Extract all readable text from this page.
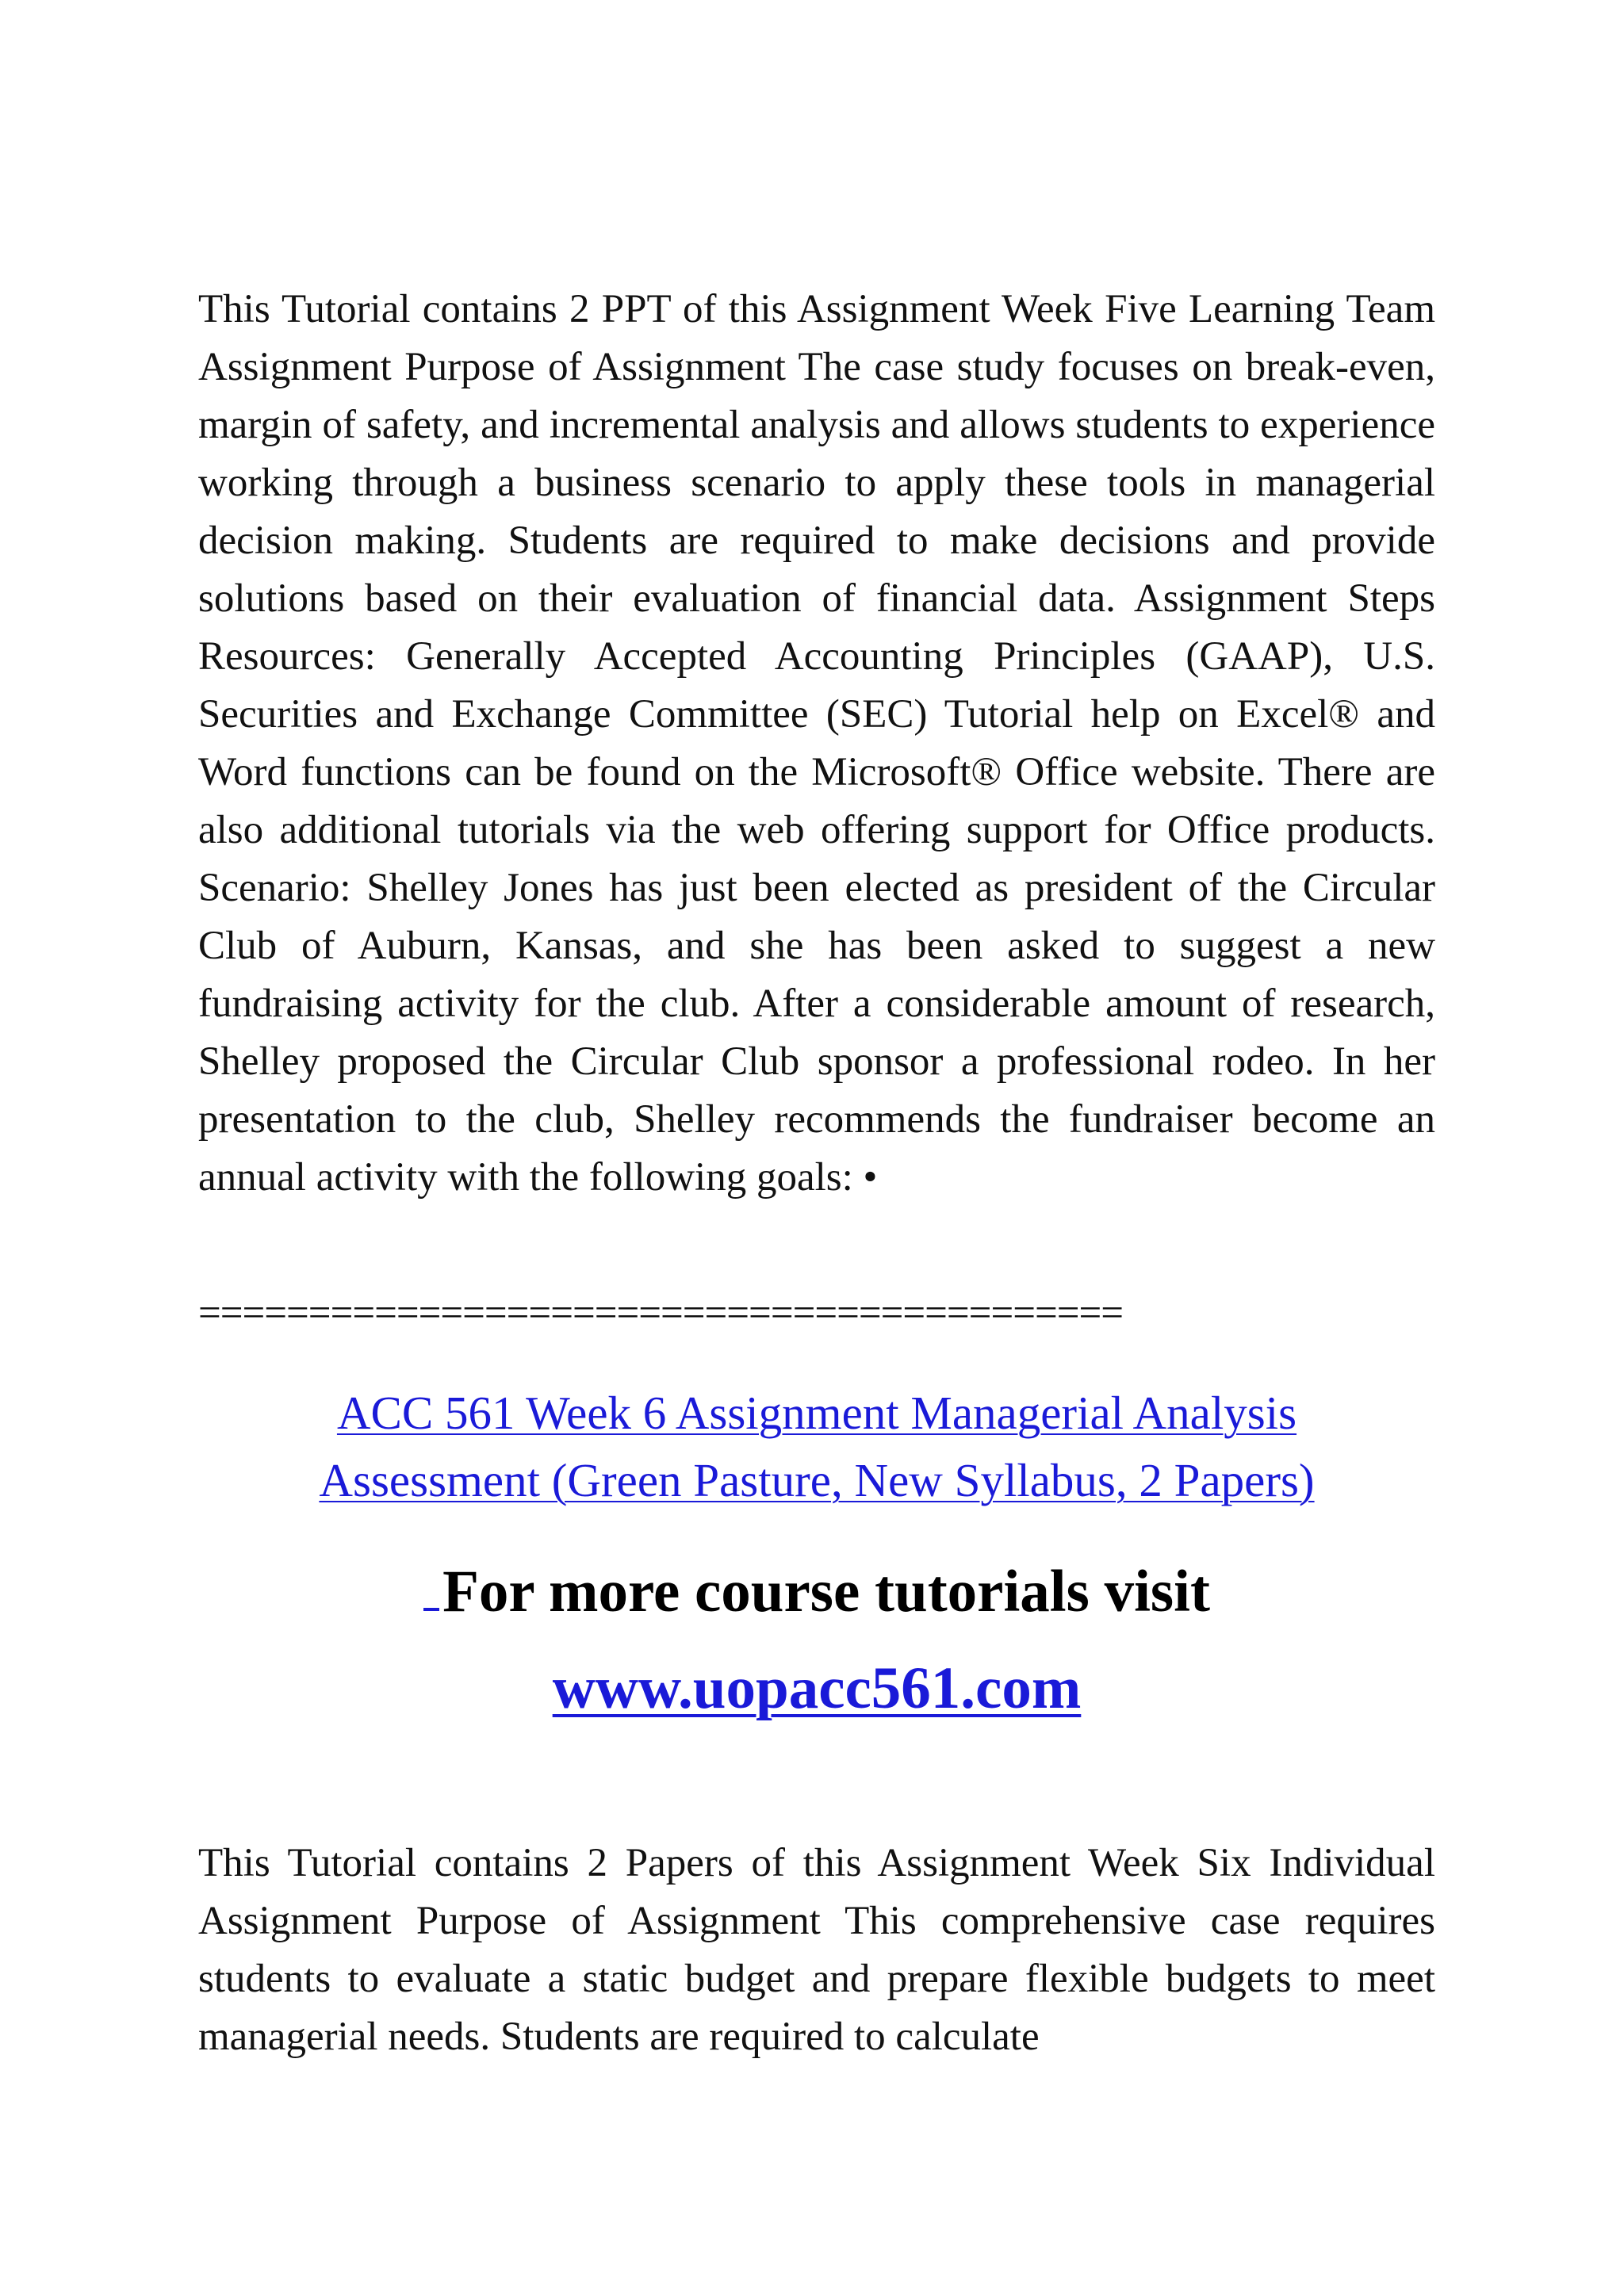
This Tutorial contains 2 PPT of this Assignment Week Five Learning Team Assignment Purpose of Assignment The case study focuses on break-even, margin of safety, and incremental analysis and allows students to experience working through a business scenario to apply these tools in managerial decision making. Students are required to make decisions and provide solutions based on their evaluation of financial data. Assignment Steps Resources: Generally Accepted Accounting Principles (GAAP), U.S. Securities and Exchange Committee (SEC) Tutorial help on Excel® and Word functions can be found on the Microsoft® Office website. There are also additional tutorials via the web offering support for Office products. Scenario: Shelley Jones has just been elected as president of the Circular Club of Auburn, Kansas, and she has been asked to suggest a new fundraising activity for the club. After a considerable amount of research, Shelley proposed the Circular Club sponsor a professional rodeo. In her presentation to the club, Shelley recommends the fundraiser become an annual activity with the following goals: •

==========================================
ACC 561 Week 6 Assignment Managerial Analysis
Assessment (Green Pasture, New Syllabus, 2 Papers)
For more course tutorials visit
www.uopacc561.com

This Tutorial contains 2 Papers of this Assignment Week Six Individual Assignment Purpose of Assignment This comprehensive case requires students to evaluate a static budget and prepare flexible budgets to meet managerial needs. Students are required to calculate
